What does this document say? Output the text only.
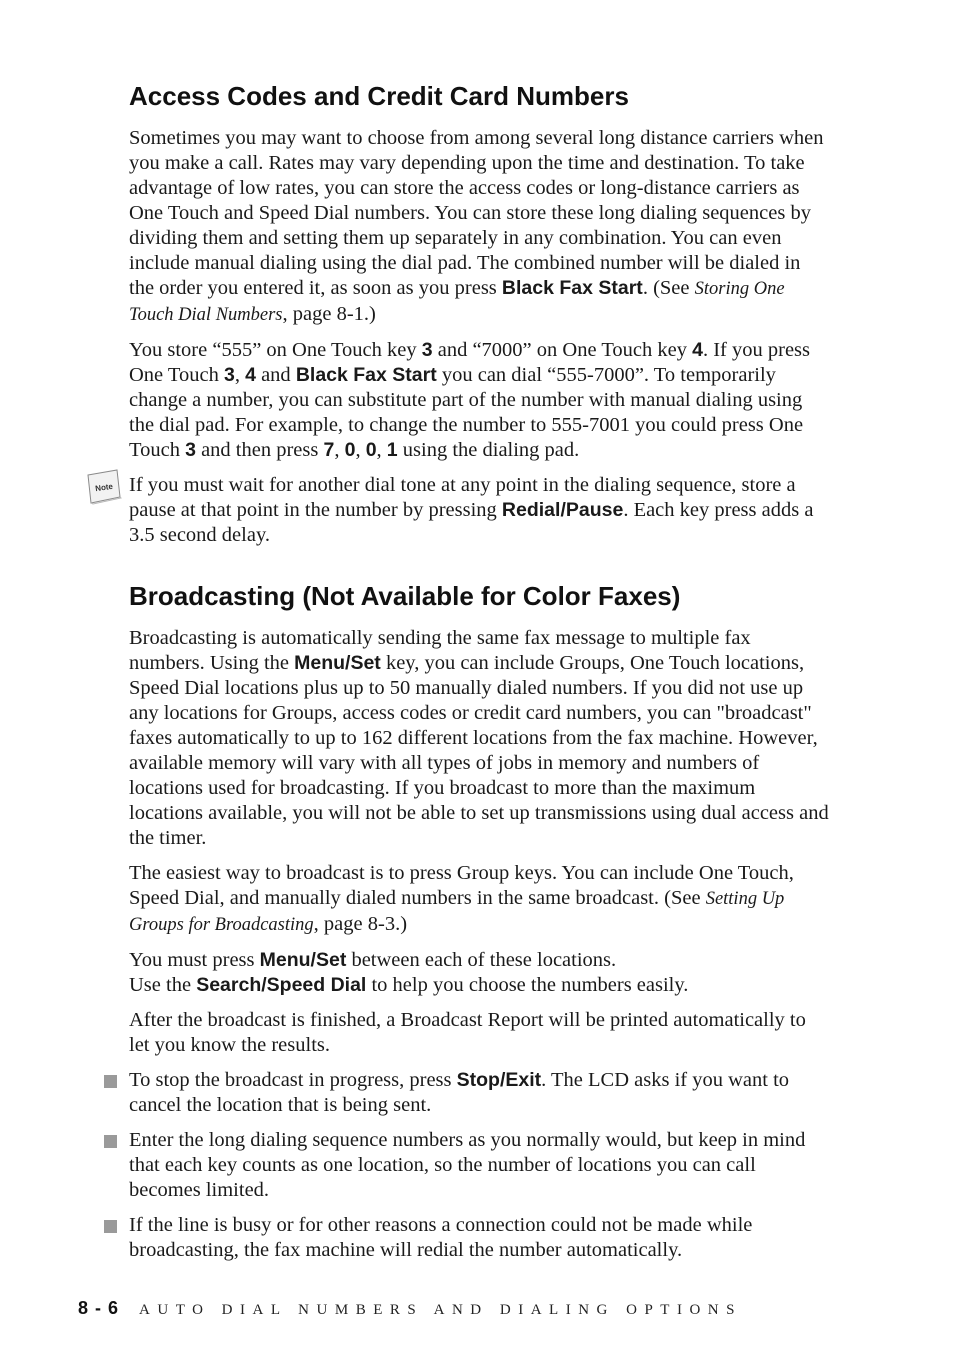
Access Codes and Credit Card Numbers

Sometimes you may want to choose from among several long distance carriers when you make a call. Rates may vary depending upon the time and destination. To take advantage of low rates, you can store the access codes or long-distance carriers as One Touch and Speed Dial numbers. You can store these long dialing sequences by dividing them and setting them up separately in any combination. You can even include manual dialing using the dial pad. The combined number will be dialed in the order you entered it, as soon as you press Black Fax Start. (See Storing One Touch Dial Numbers, page 8-1.)

You store “555” on One Touch key 3 and “7000” on One Touch key 4. If you press One Touch 3, 4 and Black Fax Start you can dial “555-7000”. To temporarily change a number, you can substitute part of the number with manual dialing using the dial pad. For example, to change the number to 555-7001 you could press One Touch 3 and then press 7, 0, 0, 1 using the dialing pad.

Note If you must wait for another dial tone at any point in the dialing sequence, store a pause at that point in the number by pressing Redial/Pause. Each key press adds a 3.5 second delay.

Broadcasting (Not Available for Color Faxes)

Broadcasting is automatically sending the same fax message to multiple fax numbers. Using the Menu/Set key, you can include Groups, One Touch locations, Speed Dial locations plus up to 50 manually dialed numbers. If you did not use up any locations for Groups, access codes or credit card numbers, you can "broadcast" faxes automatically to up to 162 different locations from the fax machine. However, available memory will vary with all types of jobs in memory and numbers of locations used for broadcasting. If you broadcast to more than the maximum locations available, you will not be able to set up transmissions using dual access and the timer.

The easiest way to broadcast is to press Group keys. You can include One Touch, Speed Dial, and manually dialed numbers in the same broadcast. (See Setting Up Groups for Broadcasting, page 8-3.)

You must press Menu/Set between each of these locations.
Use the Search/Speed Dial to help you choose the numbers easily.

After the broadcast is finished, a Broadcast Report will be printed automatically to let you know the results.

To stop the broadcast in progress, press Stop/Exit. The LCD asks if you want to cancel the location that is being sent.

Enter the long dialing sequence numbers as you normally would, but keep in mind that each key counts as one location, so the number of locations you can call becomes limited.

If the line is busy or for other reasons a connection could not be made while broadcasting, the fax machine will redial the number automatically.

8 - 6 AUTO DIAL NUMBERS AND DIALING OPTIONS
